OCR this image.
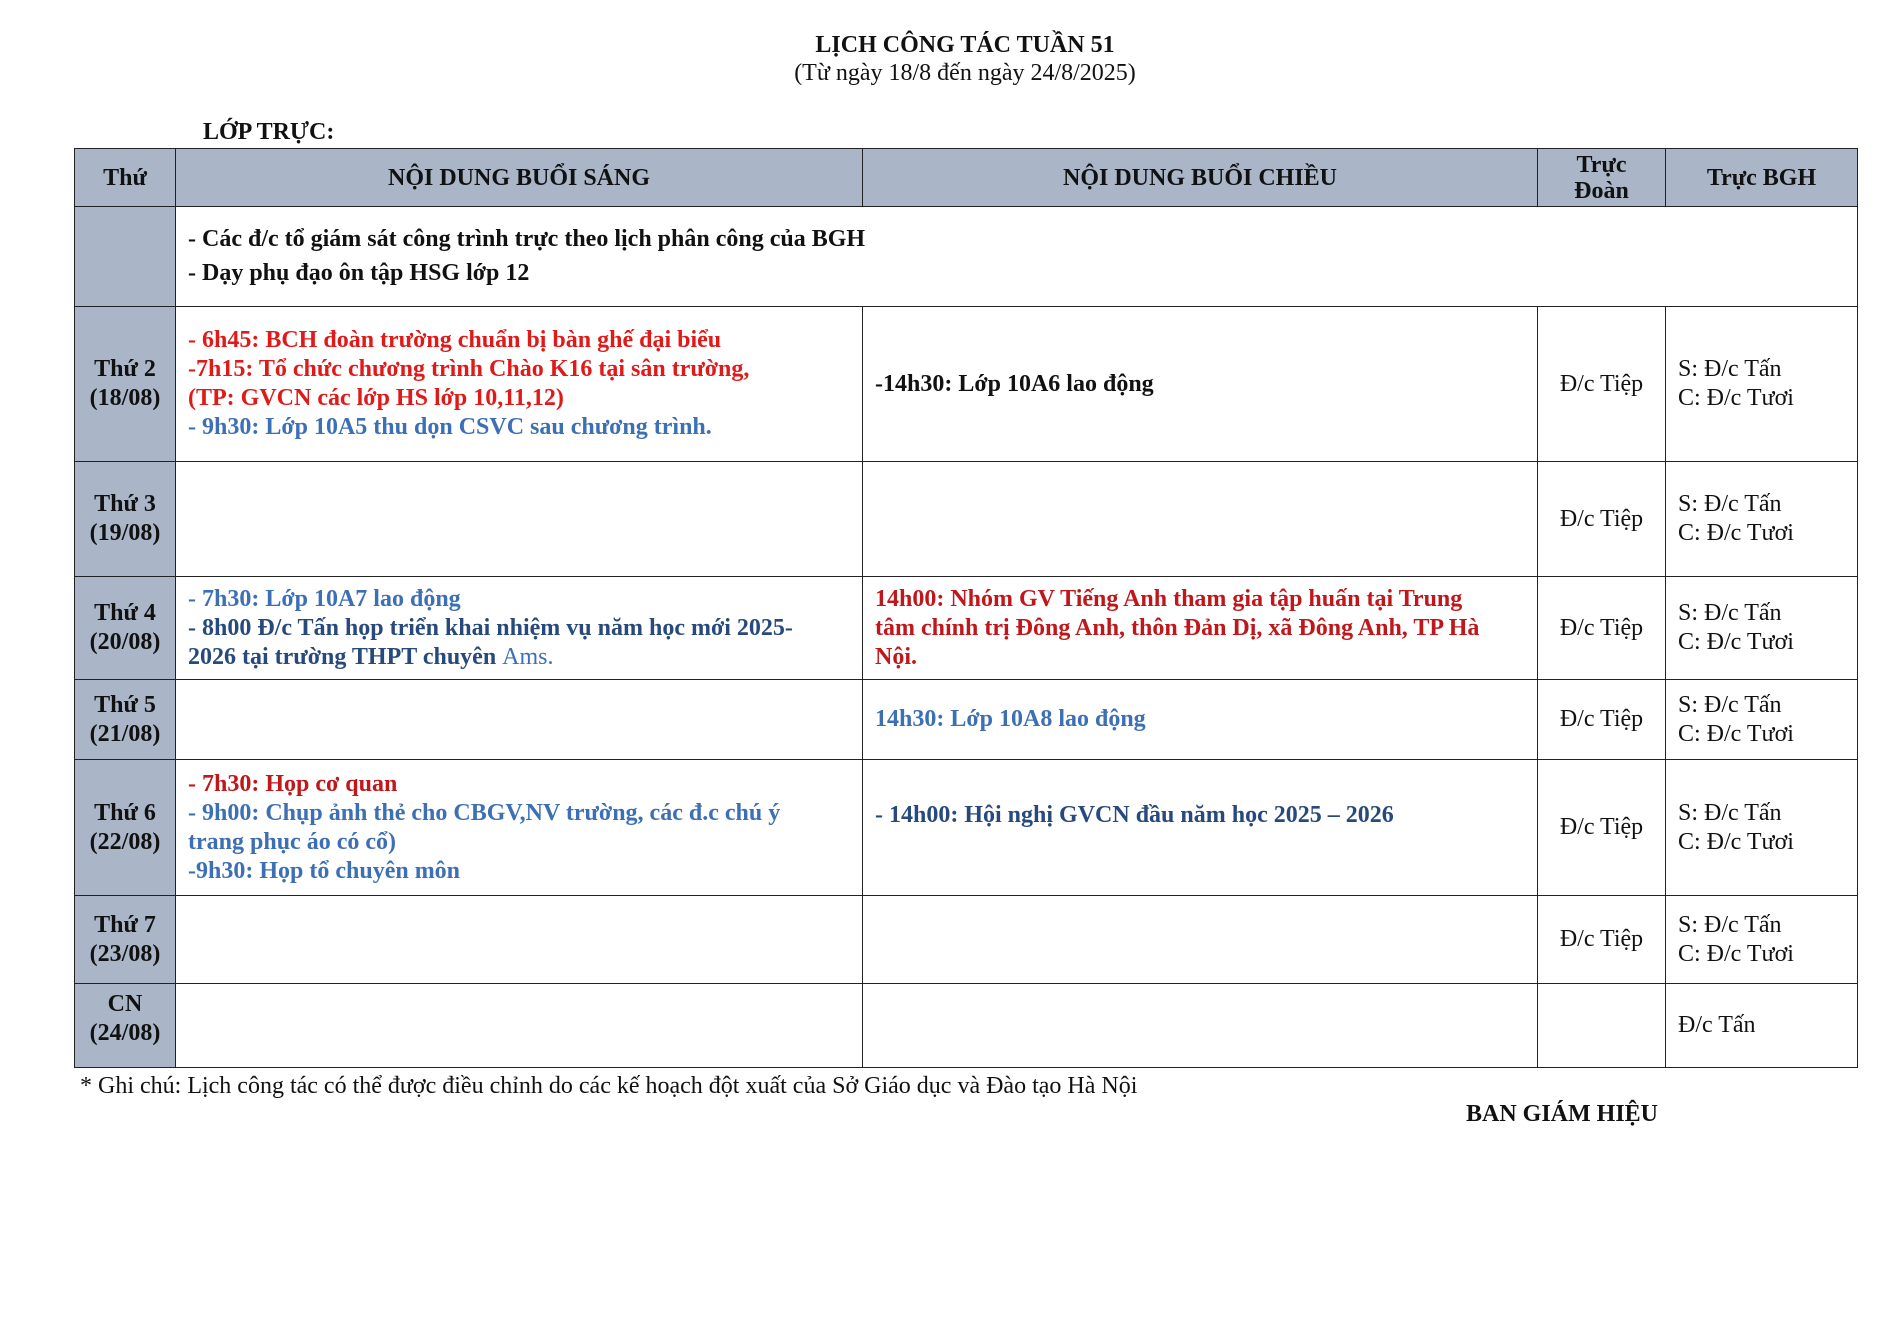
LỊCH CÔNG TÁC TUẦN 51
(Từ ngày 18/8 đến ngày 24/8/2025)
LỚP TRỰC:
Thứ	NỘI DUNG BUỔI SÁNG	NỘI DUNG BUỔI CHIỀU	Trực Đoàn	Trực BGH

	- Các đ/c tổ giám sát công trình trực theo lịch phân công của BGH
- Dạy phụ đạo ôn tập HSG lớp 12			

Thứ 2
(18/08)	- 6h45: BCH đoàn trường chuẩn bị bàn ghế đại biểu
-7h15: Tổ chức chương trình Chào K16 tại sân trường,
(TP: GVCN các lớp HS lớp 10,11,12)
- 9h30: Lớp 10A5 thu dọn CSVC sau chương trình.	-14h30: Lớp 10A6 lao động	Đ/c Tiệp	S: Đ/c Tấn
C: Đ/c Tươi

Thứ 3
(19/08)			Đ/c Tiệp	S: Đ/c Tấn
C: Đ/c Tươi

Thứ 4
(20/08)	- 7h30: Lớp 10A7 lao động
- 8h00 Đ/c Tấn họp triển khai nhiệm vụ năm học mới 2025-
2026 tại trường THPT chuyên Ams.	14h00: Nhóm GV Tiếng Anh tham gia tập huấn tại Trung
tâm chính trị Đông Anh, thôn Đản Dị, xã Đông Anh, TP Hà
Nội.	Đ/c Tiệp	S: Đ/c Tấn
C: Đ/c Tươi

Thứ 5
(21/08)		14h30: Lớp 10A8 lao động	Đ/c Tiệp	S: Đ/c Tấn
C: Đ/c Tươi

Thứ 6
(22/08)	- 7h30: Họp cơ quan
- 9h00: Chụp ảnh thẻ cho CBGV,NV trường, các đ.c chú ý
trang phục áo có cổ)
-9h30: Họp tổ chuyên môn	- 14h00: Hội nghị GVCN đầu năm học 2025 – 2026	Đ/c Tiệp	S: Đ/c Tấn
C: Đ/c Tươi

Thứ 7
(23/08)			Đ/c Tiệp	S: Đ/c Tấn
C: Đ/c Tươi

CN
(24/08)				Đ/c Tấn
* Ghi chú: Lịch công tác có thể được điều chỉnh do các kế hoạch đột xuất của Sở Giáo dục và Đào tạo Hà Nội
BAN GIÁM HIỆU
